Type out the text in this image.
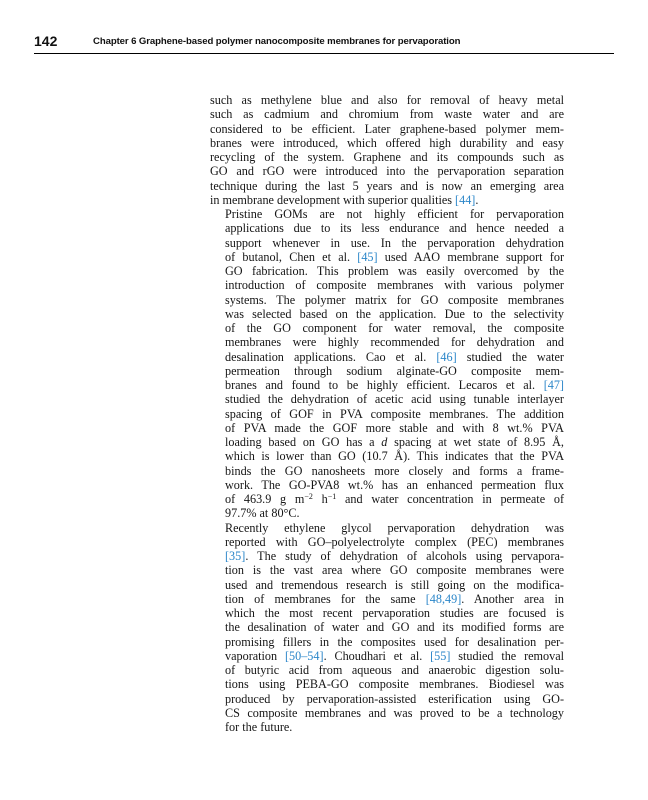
142	Chapter 6 Graphene-based polymer nanocomposite membranes for pervaporation

such as methylene blue and also for removal of heavy metal
such as cadmium and chromium from waste water and are
considered to be efficient. Later graphene-based polymer mem-
branes were introduced, which offered high durability and easy
recycling of the system. Graphene and its compounds such as
GO and rGO were introduced into the pervaporation separation
technique during the last 5 years and is now an emerging area
in membrane development with superior qualities [44].

Pristine GOMs are not highly efficient for pervaporation
applications due to its less endurance and hence needed a
support whenever in use. In the pervaporation dehydration
of butanol, Chen et al. [45] used AAO membrane support for
GO fabrication. This problem was easily overcomed by the
introduction of composite membranes with various polymer
systems. The polymer matrix for GO composite membranes
was selected based on the application. Due to the selectivity
of the GO component for water removal, the composite
membranes were highly recommended for dehydration and
desalination applications. Cao et al. [46] studied the water
permeation through sodium alginate-GO composite mem-
branes and found to be highly efficient. Lecaros et al. [47]
studied the dehydration of acetic acid using tunable interlayer
spacing of GOF in PVA composite membranes. The addition
of PVA made the GOF more stable and with 8 wt.% PVA
loading based on GO has a d spacing at wet state of 8.95 Å,
which is lower than GO (10.7 Å). This indicates that the PVA
binds the GO nanosheets more closely and forms a frame-
work. The GO-PVA8 wt.% has an enhanced permeation flux
of 463.9 g $m^{-2}$ $h^{-1}$ and water concentration in permeate of
97.7% at 80°C.

Recently ethylene glycol pervaporation dehydration was
reported with GO–polyelectrolyte complex (PEC) membranes
[35]. The study of dehydration of alcohols using pervapora-
tion is the vast area where GO composite membranes were
used and tremendous research is still going on the modifica-
tion of membranes for the same [48,49]. Another area in
which the most recent pervaporation studies are focused is
the desalination of water and GO and its modified forms are
promising fillers in the composites used for desalination per-
vaporation [50–54]. Choudhari et al. [55] studied the removal
of butyric acid from aqueous and anaerobic digestion solu-
tions using PEBA-GO composite membranes. Biodiesel was
produced by pervaporation-assisted esterification using GO-
CS composite membranes and was proved to be a technology
for the future.
